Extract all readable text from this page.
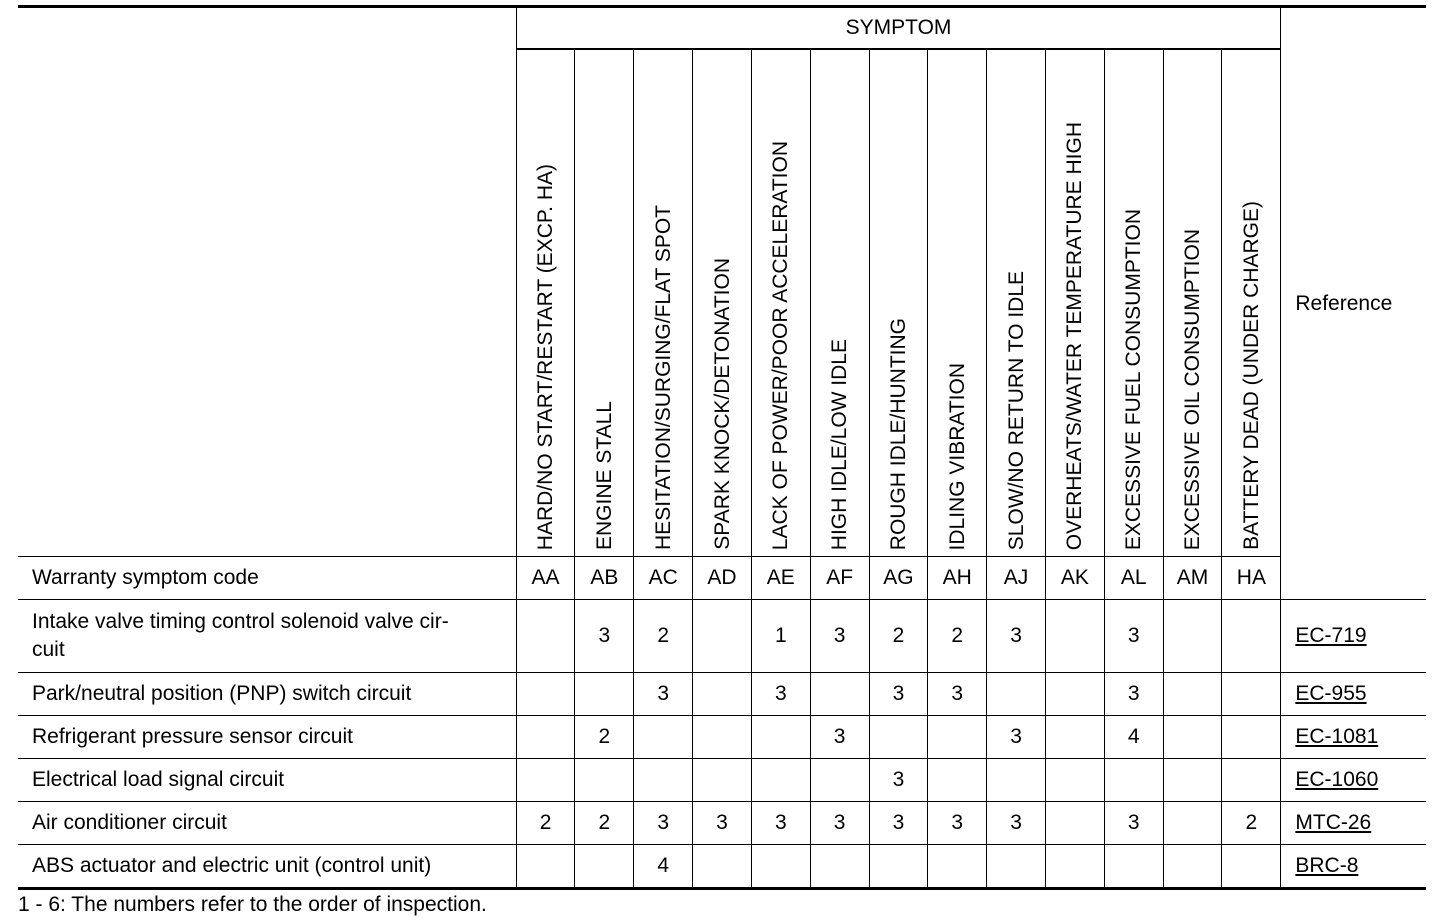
	SYMPTOM													Reference
	HARD/NO START/RESTART (EXCP. HA)	ENGINE STALL	HESITATION/SURGING/FLAT SPOT	SPARK KNOCK/DETONATION	LACK OF POWER/POOR ACCELERATION	HIGH IDLE/LOW IDLE	ROUGH IDLE/HUNTING	IDLING VIBRATION	SLOW/NO RETURN TO IDLE	OVERHEATS/WATER TEMPERATURE HIGH	EXCESSIVE FUEL CONSUMPTION	EXCESSIVE OIL CONSUMPTION	BATTERY DEAD (UNDER CHARGE)	
Warranty symptom code	AA	AB	AC	AD	AE	AF	AG	AH	AJ	AK	AL	AM	HA	
Intake valve timing control solenoid valve cir-
cuit		3	2		1	3	2	2	3		3			EC-719
Park/neutral position (PNP) switch circuit			3		3		3	3			3			EC-955
Refrigerant pressure sensor circuit		2				3			3		4			EC-1081
Electrical load signal circuit							3							EC-1060
Air conditioner circuit	2	2	3	3	3	3	3	3	3		3		2	MTC-26
ABS actuator and electric unit (control unit)			4											BRC-8
1 - 6: The numbers refer to the order of inspection.
